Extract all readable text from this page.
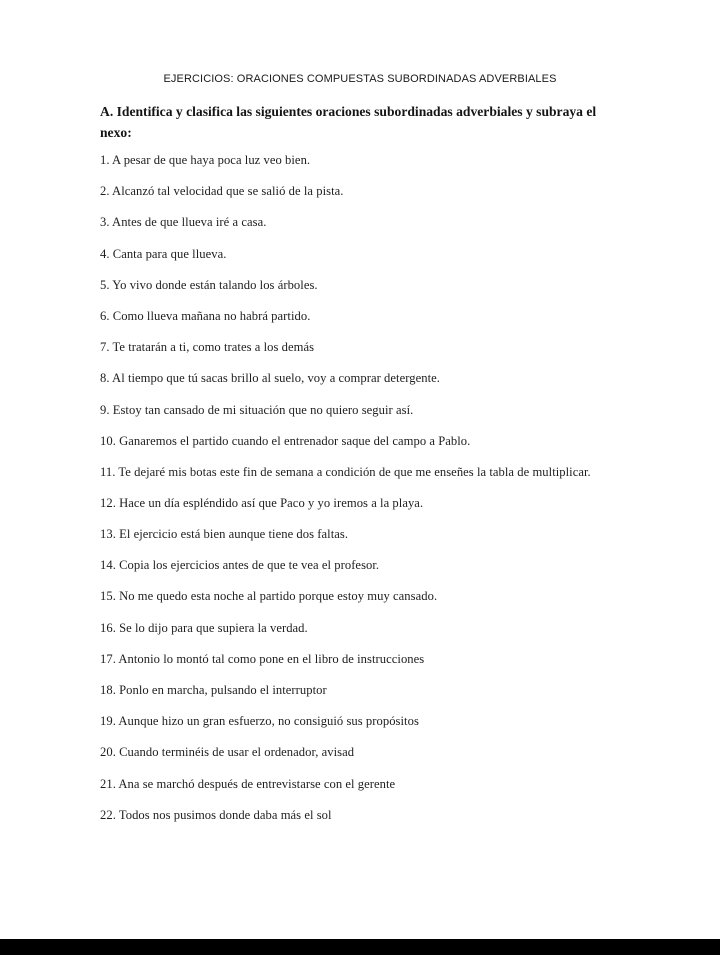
EJERCICIOS: ORACIONES COMPUESTAS SUBORDINADAS ADVERBIALES
A. Identifica y clasifica las siguientes oraciones subordinadas adverbiales y subraya el nexo:
1. A pesar de que haya poca luz veo bien.
2. Alcanzó tal velocidad que se salió de la pista.
3. Antes de que llueva iré a casa.
4. Canta para que llueva.
5. Yo vivo donde están talando los árboles.
6. Como llueva mañana no habrá partido.
7. Te tratarán a ti, como trates a los demás
8. Al tiempo que tú sacas brillo al suelo, voy a comprar detergente.
9. Estoy tan cansado de mi situación que no quiero seguir así.
10. Ganaremos el partido cuando el entrenador saque del campo a Pablo.
11. Te dejaré mis botas este fin de semana a condición de que me enseñes la tabla de multiplicar.
12. Hace un día espléndido así que Paco y yo iremos a la playa.
13. El ejercicio está bien aunque tiene dos faltas.
14. Copia los ejercicios antes de que te vea el profesor.
15. No me quedo esta noche al partido porque estoy muy cansado.
16. Se lo dijo para que supiera la verdad.
17. Antonio lo montó tal como pone en el libro de instrucciones
18. Ponlo en marcha, pulsando el interruptor
19. Aunque hizo un gran esfuerzo, no consiguió sus propósitos
20. Cuando terminéis de usar el ordenador, avisad
21. Ana se marchó después de entrevistarse con el gerente
22. Todos nos pusimos donde daba más el sol
